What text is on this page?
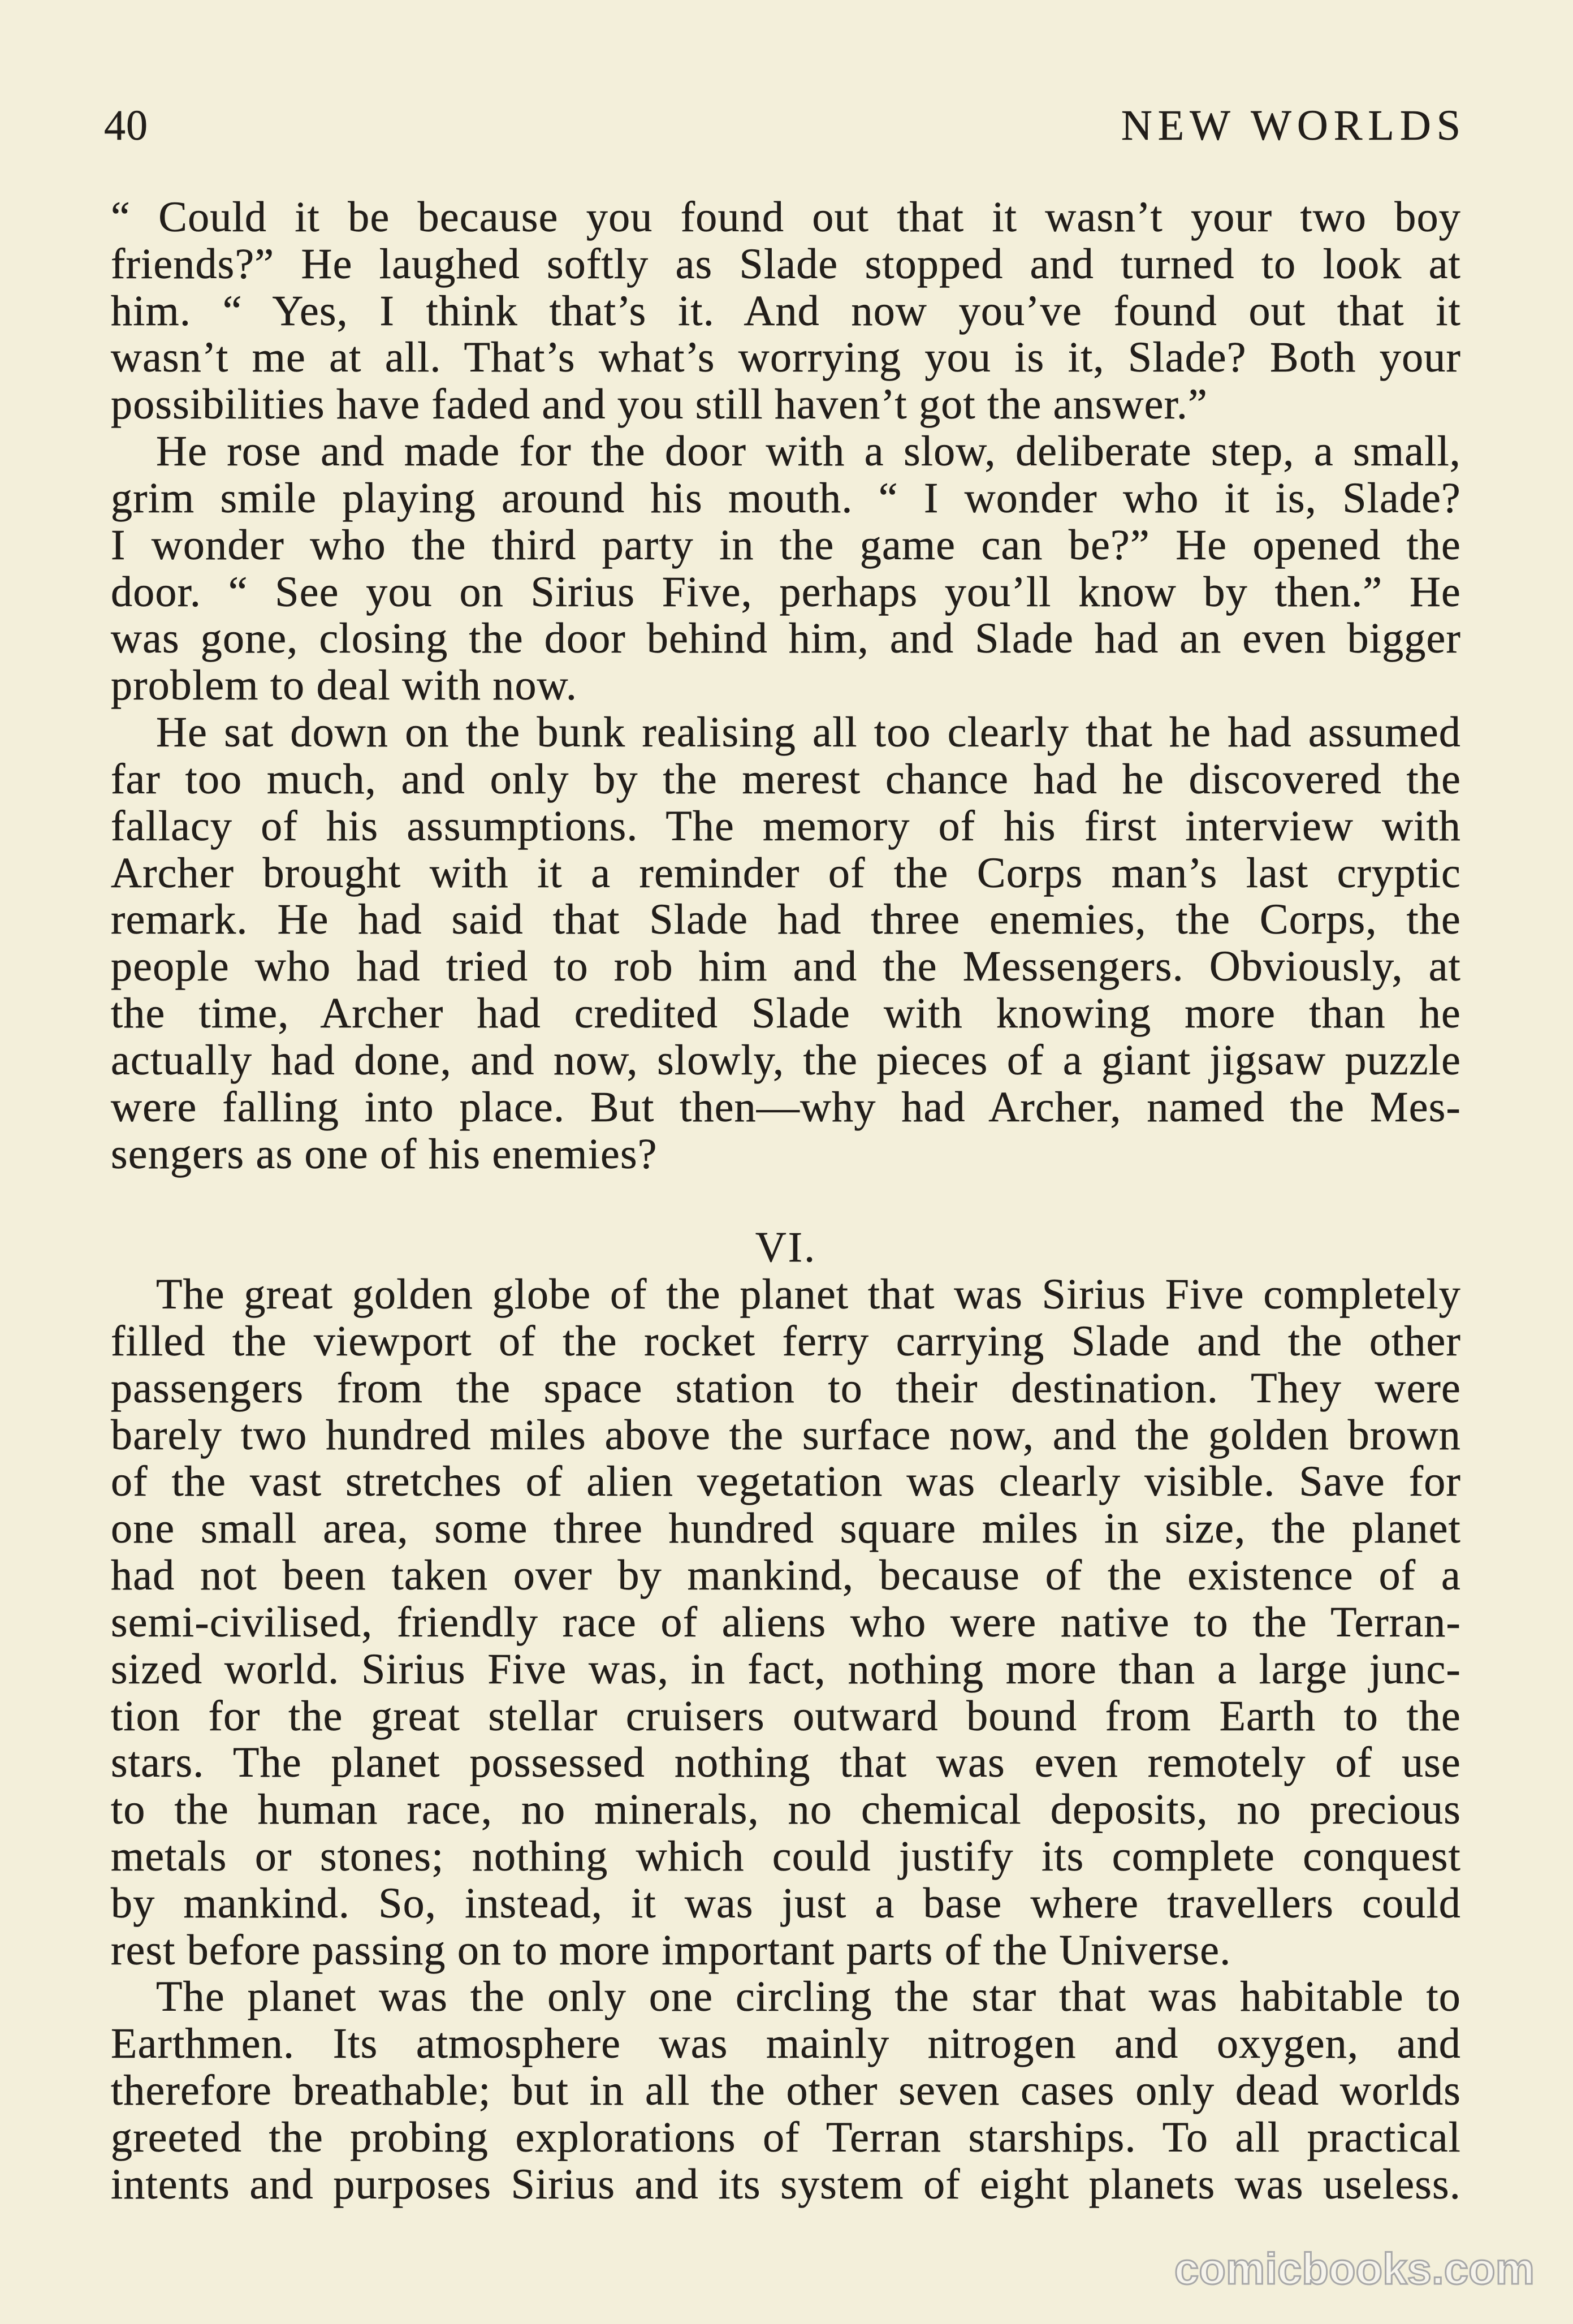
40	NEW WORLDS
“ Could it be because you found out that it wasn’t your two boy
friends?” He laughed softly as Slade stopped and turned to look at
him. “ Yes, I think that’s it. And now you’ve found out that it
wasn’t me at all. That’s what’s worrying you is it, Slade? Both your
possibilities have faded and you still haven’t got the answer.”
He rose and made for the door with a slow, deliberate step, a small,
grim smile playing around his mouth. “ I wonder who it is, Slade?
I wonder who the third party in the game can be?” He opened the
door. “ See you on Sirius Five, perhaps you’ll know by then.” He
was gone, closing the door behind him, and Slade had an even bigger
problem to deal with now.
He sat down on the bunk realising all too clearly that he had assumed
far too much, and only by the merest chance had he discovered the
fallacy of his assumptions. The memory of his first interview with
Archer brought with it a reminder of the Corps man’s last cryptic
remark. He had said that Slade had three enemies, the Corps, the
people who had tried to rob him and the Messengers. Obviously, at
the time, Archer had credited Slade with knowing more than he
actually had done, and now, slowly, the pieces of a giant jigsaw puzzle
were falling into place. But then—why had Archer, named the Mes-
sengers as one of his enemies?
VI.
The great golden globe of the planet that was Sirius Five completely
filled the viewport of the rocket ferry carrying Slade and the other
passengers from the space station to their destination. They were
barely two hundred miles above the surface now, and the golden brown
of the vast stretches of alien vegetation was clearly visible. Save for
one small area, some three hundred square miles in size, the planet
had not been taken over by mankind, because of the existence of a
semi-civilised, friendly race of aliens who were native to the Terran-
sized world. Sirius Five was, in fact, nothing more than a large junc-
tion for the great stellar cruisers outward bound from Earth to the
stars. The planet possessed nothing that was even remotely of use
to the human race, no minerals, no chemical deposits, no precious
metals or stones; nothing which could justify its complete conquest
by mankind. So, instead, it was just a base where travellers could
rest before passing on to more important parts of the Universe.
The planet was the only one circling the star that was habitable to
Earthmen. Its atmosphere was mainly nitrogen and oxygen, and
therefore breathable; but in all the other seven cases only dead worlds
greeted the probing explorations of Terran starships. To all practical
intents and purposes Sirius and its system of eight planets was useless.
comicbooks.com
